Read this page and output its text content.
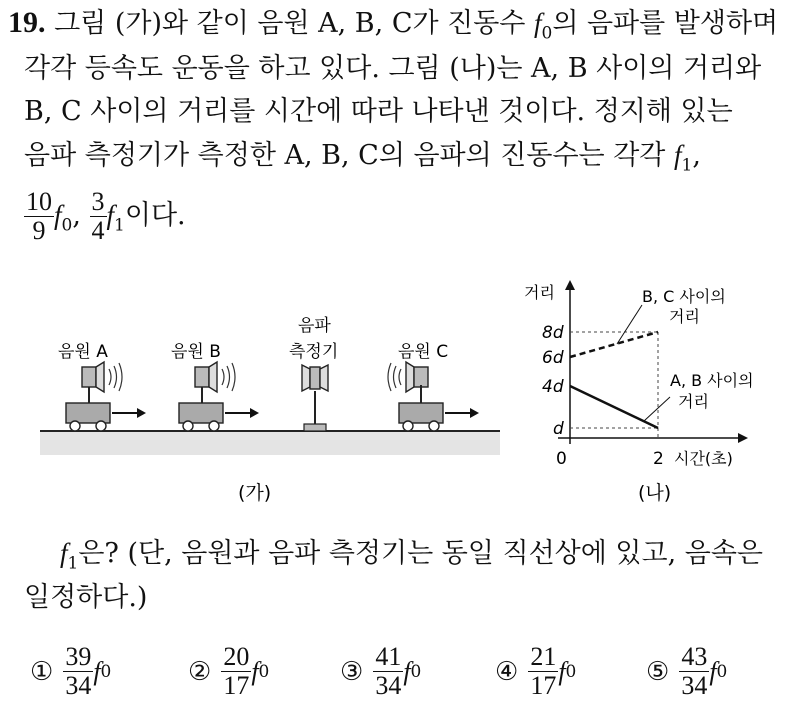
19. 그림 (가)와 같이 음원 A, B, C가 진동수 $f_0$의 음파를 발생하며
각각 등속도 운동을 하고 있다. 그림 (나)는 A, B 사이의 거리와
B, C 사이의 거리를 시간에 따라 나타낸 것이다. 정지해 있는
음파 측정기가 측정한 A, B, C의 음파의 진동수는 각각 $f_1$,
$\frac{10}{9} f_0$, $\frac{3}{4} f_1$이다.
음원 A	음원 B
음파
측정기	음원 C
(가)
거리
시간(초)
0	2
8d
6d
4d
d
B, C 사이의
거리
A, B 사이의
거리
(나)
$f_1$은? (단, 음원과 음파 측정기는 동일 직선상에 있고, 음속은
일정하다.)
① $\frac{39}{34}$ f 0	② $\frac{20}{17}$ f 0	③ $\frac{41}{34}$ f 0	④ $\frac{21}{17}$ f 0	⑤ $\frac{43}{34}$ f 0
